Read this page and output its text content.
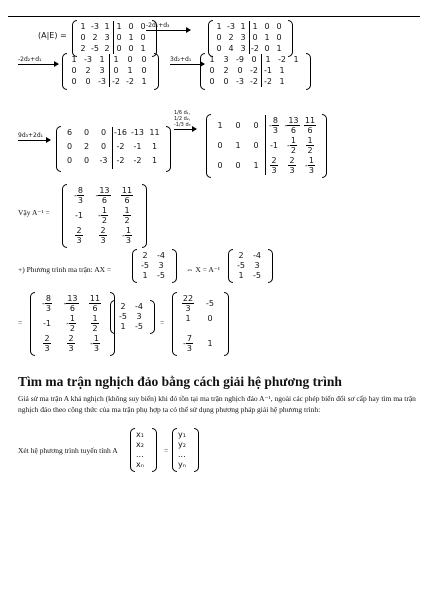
(A|E) =
1 -3 1 1 0 0
0 2 3 0 1 0
2 -5 2 0 0 1
-2d₁+d₃	1 -3 1 1 0 0
0 2 3 0 1 0
0 4 3 -2 0 1
-2d₂+d₁	1 -3 1 1 0 0
0 2 3 0 1 0
0 0 -3 -2 -2 1
3d₂+d₁	1 3 -9 0 1 -2 1
0 2 0 -2 -1 1
0 0 -3 -2 -2 1
9d₃+2d₁	6 0 0 -16 -13 11
0 2 0 -2 -1 1
0 0 -3 -2 -2 1
1/6 d₁, 1/2 d₂, -1/3 d₃	1 0 $0 - \frac{8}{3} - \frac{13}{6} \frac{11}{6}$
0 1 0 $-1 - \frac{1}{2} \frac{1}{2}$
0 0 $1 \frac{2}{3} \frac{2}{3} - \frac{1}{3}$
Vậy A⁻¹ =
- $\frac{8}{3} - \frac{13}{6} \frac{11}{6}$
$-1 - \frac{1}{2} \frac{1}{2}$
$\frac{2}{3} \frac{2}{3} - \frac{1}{3}$
+) Phương trình ma trận: AX =
2 -4
-5 3
1 -5
⇔ X = A⁻¹
2 -4
-5 3
1 -5
=
- $\frac{8}{3} - \frac{13}{6} \frac{11}{6}$
$-1 - \frac{1}{2} \frac{1}{2}$
$\frac{2}{3} \frac{2}{3} - \frac{1}{3}$
2 -4
-5 3
1 -5	=
$\frac{22}{3} -5$
1 0
- $\frac{7}{3} 1$
Tìm ma trận nghịch đảo bằng cách giải hệ phương trình
Giả sử ma trận A khả nghịch (không suy biến) khi đó tồn tại ma trận nghịch đảo A⁻¹, ngoài các phép biến đổi sơ cấp hay tìm ma trận nghịch đảo theo công thức của ma trận phụ hợp ta có thể sử dụng phương pháp giải hệ phương trình:
Xét hệ phương trình tuyến tính A
x₁
x₂
...
xₙ
=
y₁
y₂
...
yₙ
